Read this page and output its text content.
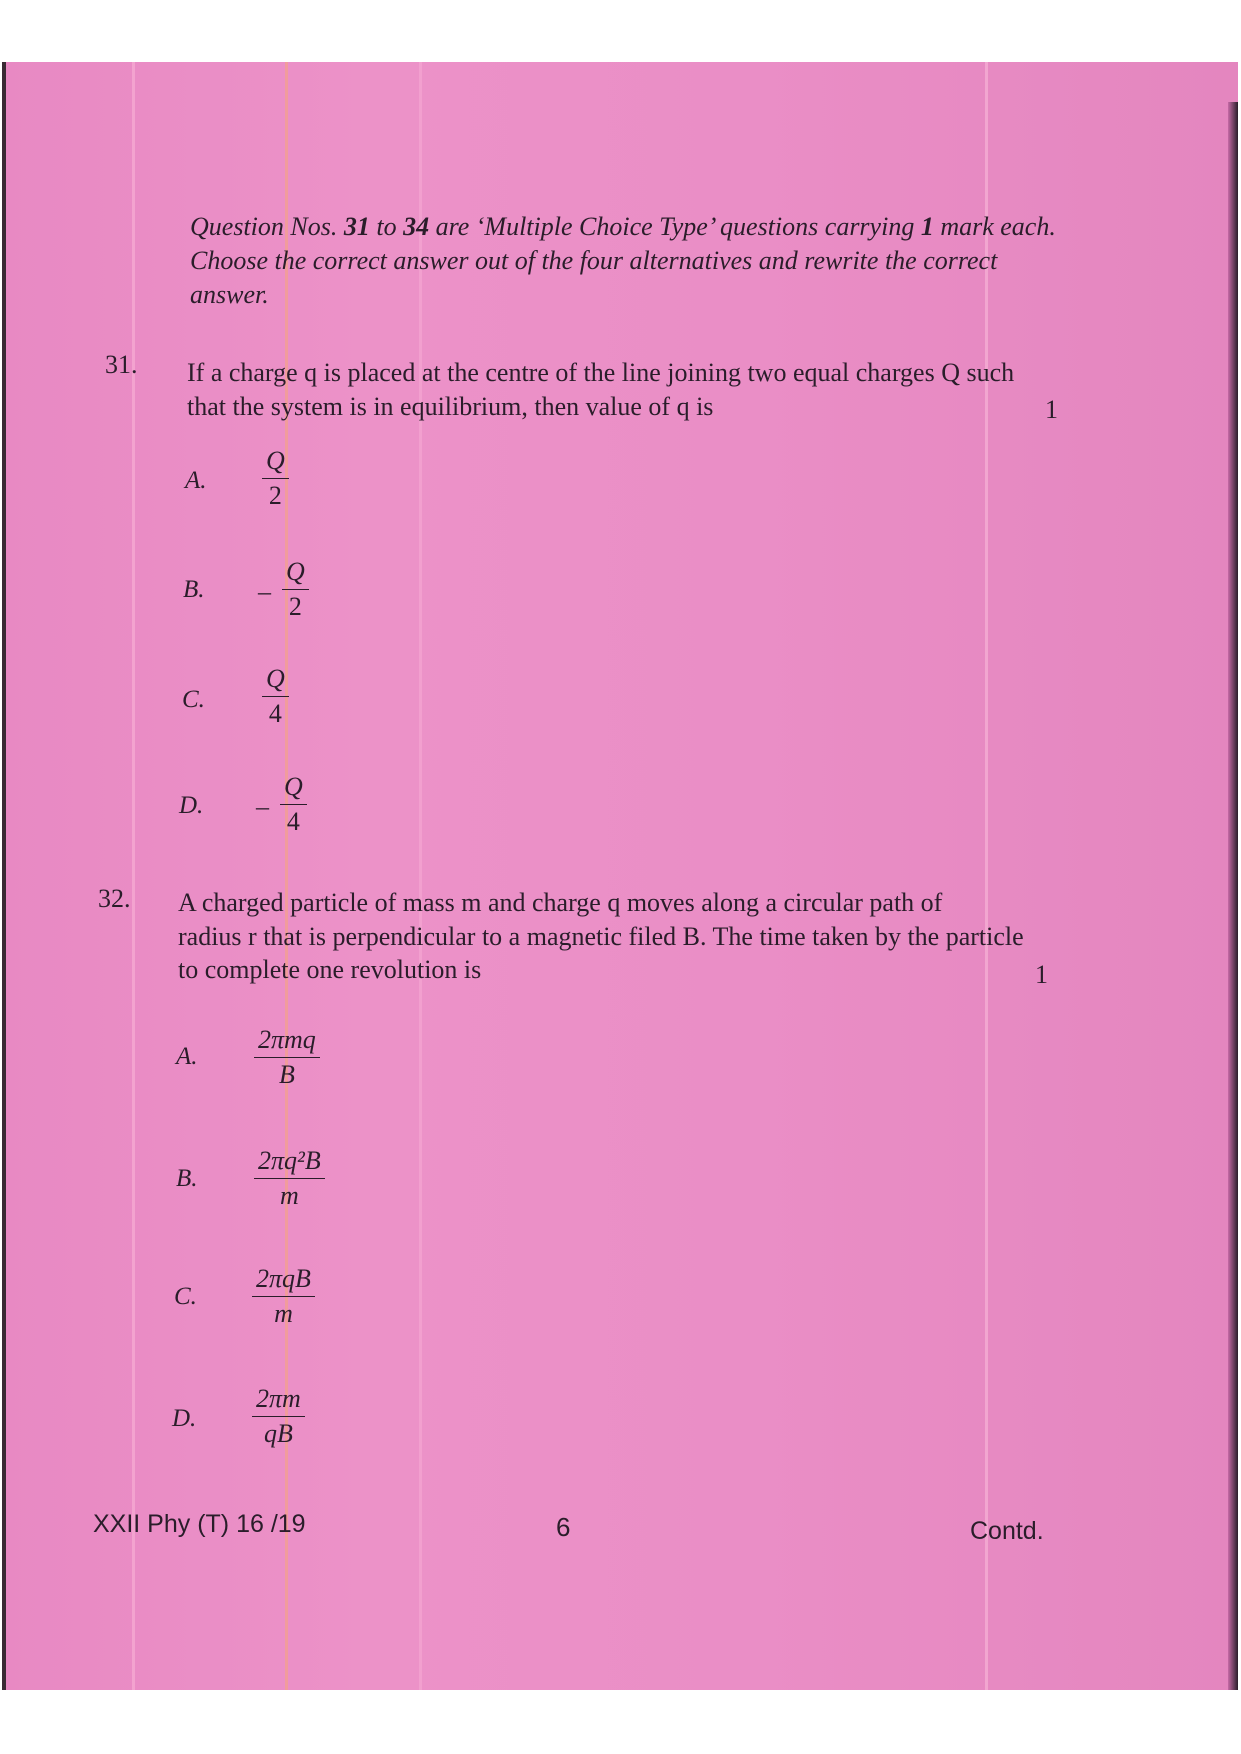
Question Nos. 31 to 34 are ‘Multiple Choice Type’ questions carrying 1 mark each. Choose the correct answer out of the four alternatives and rewrite the correct answer.
31. If a charge q is placed at the centre of the line joining two equal charges Q such
that the system is in equilibrium, then value of q is	1
A. $\frac{Q}{2}$
B. – $\frac{Q}{2}$
C. $\frac{Q}{4}$
D. – $\frac{Q}{4}$
32. A charged particle of mass m and charge q moves along a circular path of
radius r that is perpendicular to a magnetic filed B. The time taken by the particle
to complete one revolution is	1
A.
2πmq
B
B. $\frac{\text{2πq²B}}{m}$
C.
2πqB
m
D. $\frac{2\pi m}{qB}$
XXII Phy (T) 16 /19	6	Contd.
